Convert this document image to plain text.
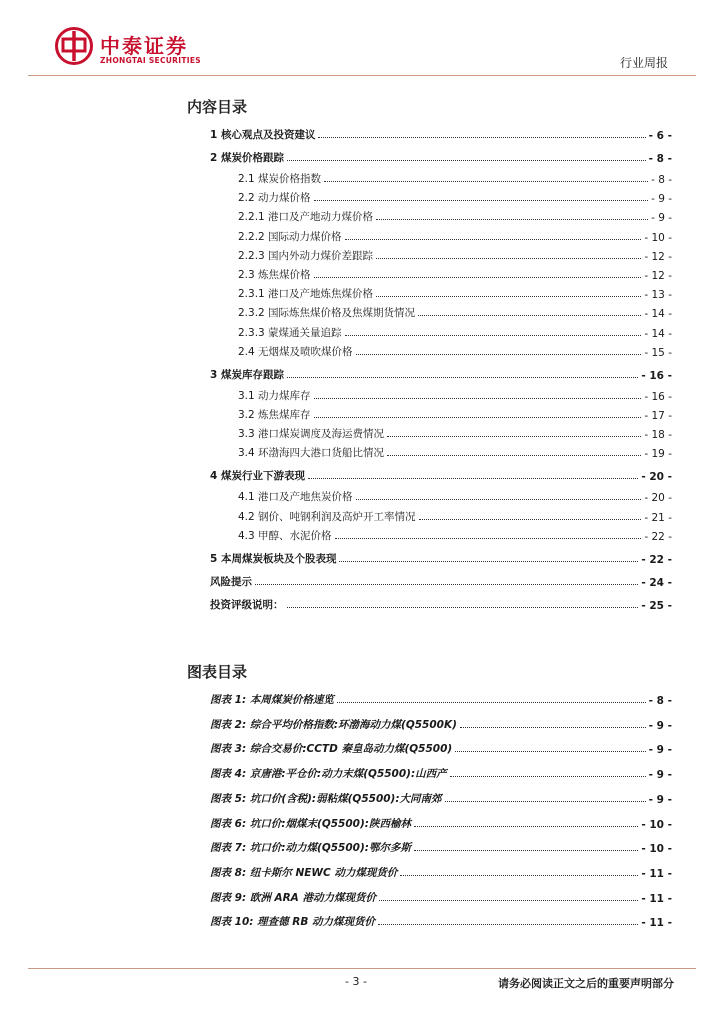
中泰证券
ZHONGTAI SECURITIES	行业周报
内容目录
1 核心观点及投资建议	- 6 -
2 煤炭价格跟踪	- 8 -
2.1 煤炭价格指数	- 8 -
2.2 动力煤价格	- 9 -
2.2.1 港口及产地动力煤价格	- 9 -
2.2.2 国际动力煤价格	- 10 -
2.2.3 国内外动力煤价差跟踪	- 12 -
2.3 炼焦煤价格	- 12 -
2.3.1 港口及产地炼焦煤价格	- 13 -
2.3.2 国际炼焦煤价格及焦煤期货情况	- 14 -
2.3.3 蒙煤通关量追踪	- 14 -
2.4 无烟煤及喷吹煤价格	- 15 -
3 煤炭库存跟踪	- 16 -
3.1 动力煤库存	- 16 -
3.2 炼焦煤库存	- 17 -
3.3 港口煤炭调度及海运费情况	- 18 -
3.4 环渤海四大港口货船比情况	- 19 -
4 煤炭行业下游表现	- 20 -
4.1 港口及产地焦炭价格	- 20 -
4.2 钢价、吨钢利润及高炉开工率情况	- 21 -
4.3 甲醇、水泥价格	- 22 -
5 本周煤炭板块及个股表现	- 22 -
风险提示	- 24 -
投资评级说明：	- 25 -
图表目录
图表 1: 本周煤炭价格速览	- 8 -
图表 2: 综合平均价格指数:环渤海动力煤(Q5500K)	- 9 -
图表 3: 综合交易价:CCTD 秦皇岛动力煤(Q5500)	- 9 -
图表 4: 京唐港:平仓价:动力末煤(Q5500):山西产	- 9 -
图表 5: 坑口价(含税):弱粘煤(Q5500):大同南郊	- 9 -
图表 6: 坑口价:烟煤末(Q5500):陕西榆林	- 10 -
图表 7: 坑口价:动力煤(Q5500):鄂尔多斯	- 10 -
图表 8: 纽卡斯尔 NEWC 动力煤现货价	- 11 -
图表 9: 欧洲 ARA 港动力煤现货价	- 11 -
图表 10: 理查德 RB 动力煤现货价	- 11 -
- 3 -	请务必阅读正文之后的重要声明部分
